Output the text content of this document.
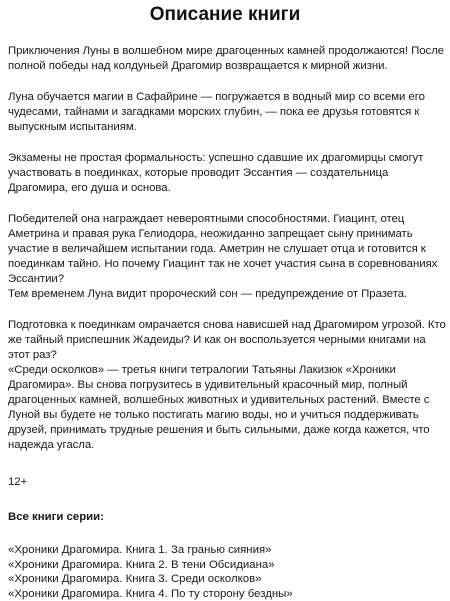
Описание книги
Приключения Луны в волшебном мире драгоценных камней продолжаются! После
полной победы над колдуньей Драгомир возвращается к мирной жизни.
Луна обучается магии в Сафайрине — погружается в водный мир со всеми его
чудесами, тайнами и загадками морских глубин, — пока ее друзья готовятся к
выпускным испытаниям.
Экзамены не простая формальность: успешно сдавшие их драгомирцы смогут
участвовать в поединках, которые проводит Эссантия — создательница
Драгомира, его душа и основа.
Победителей она награждает невероятными способностями. Гиацинт, отец
Аметрина и правая рука Гелиодора, неожиданно запрещает сыну принимать
участие в величайшем испытании года. Аметрин не слушает отца и готовится к
поединкам тайно. Но почему Гиацинт так не хочет участия сына в соревнованиях
Эссантии?
Тем временем Луна видит пророческий сон — предупреждение от Празета.
Подготовка к поединкам омрачается снова нависшей над Драгомиром угрозой. Кто
же тайный приспешник Жадеиды? И как он воспользуется черными книгами на
этот раз?
«Среди осколков» — третья книги тетралогии Татьяны Лакизюк «Хроники
Драгомира». Вы снова погрузитесь в удивительный красочный мир, полный
драгоценных камней, волшебных животных и удивительных растений. Вместе с
Луной вы будете не только постигать магию воды, но и учиться поддерживать
друзей, принимать трудные решения и быть сильными, даже когда кажется, что
надежда угасла.
12+
Все книги серии:
«Хроники Драгомира. Книга 1. За гранью сияния»
«Хроники Драгомира. Книга 2. В тени Обсидиана»
«Хроники Драгомира. Книга 3. Среди осколков»
«Хроники Драгомира. Книга 4. По ту сторону бездны»
